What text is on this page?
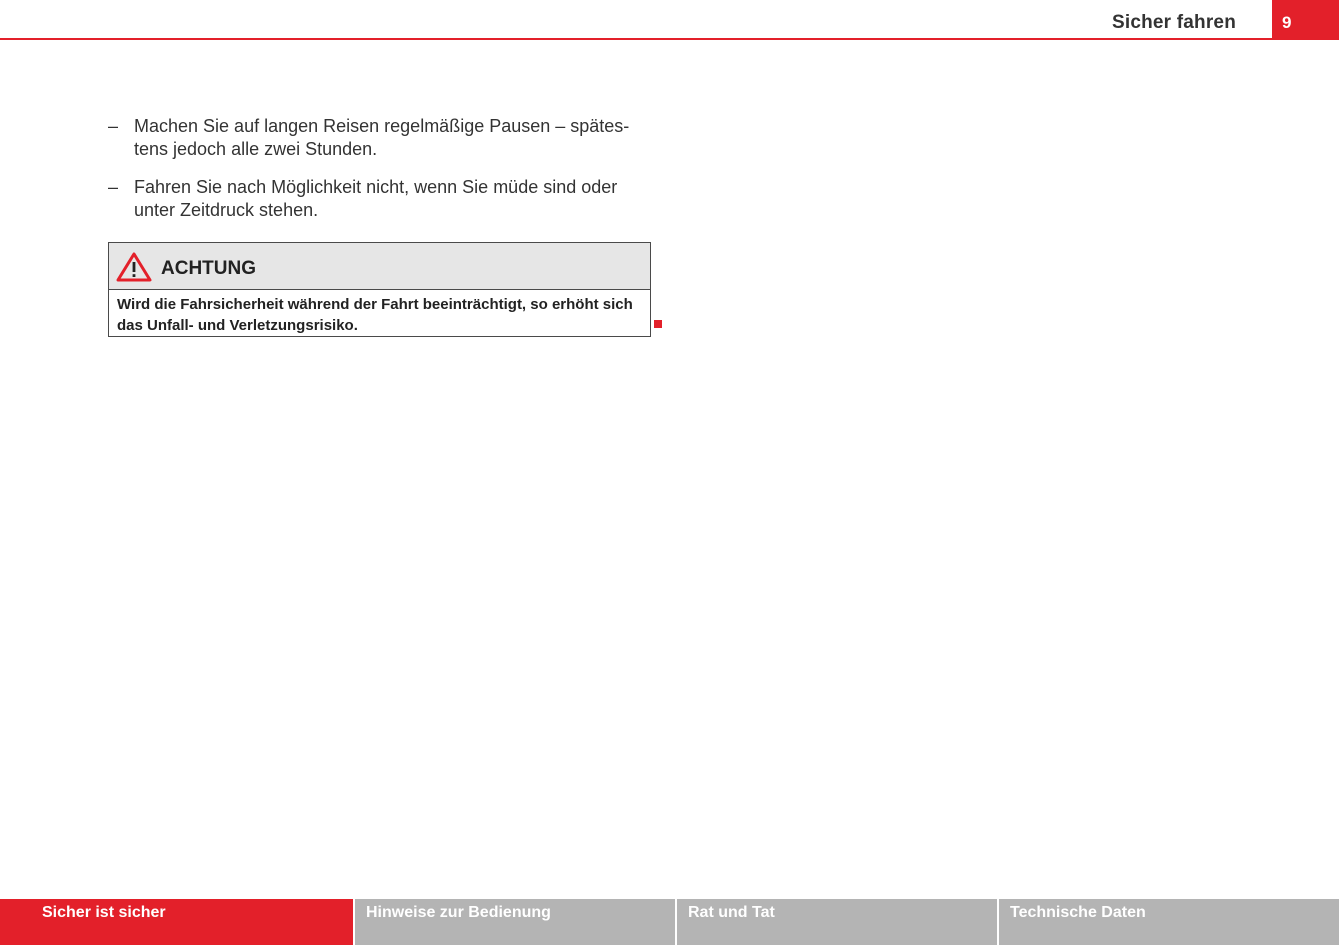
Sicher fahren	9
– Machen Sie auf langen Reisen regelmäßige Pausen – spätes-
tens jedoch alle zwei Stunden.
– Fahren Sie nach Möglichkeit nicht, wenn Sie müde sind oder
unter Zeitdruck stehen.
ACHTUNG
Wird die Fahrsicherheit während der Fahrt beeinträchtigt, so erhöht sich
das Unfall- und Verletzungsrisiko.
Sicher ist sicher	Hinweise zur Bedienung	Rat und Tat	Technische Daten
